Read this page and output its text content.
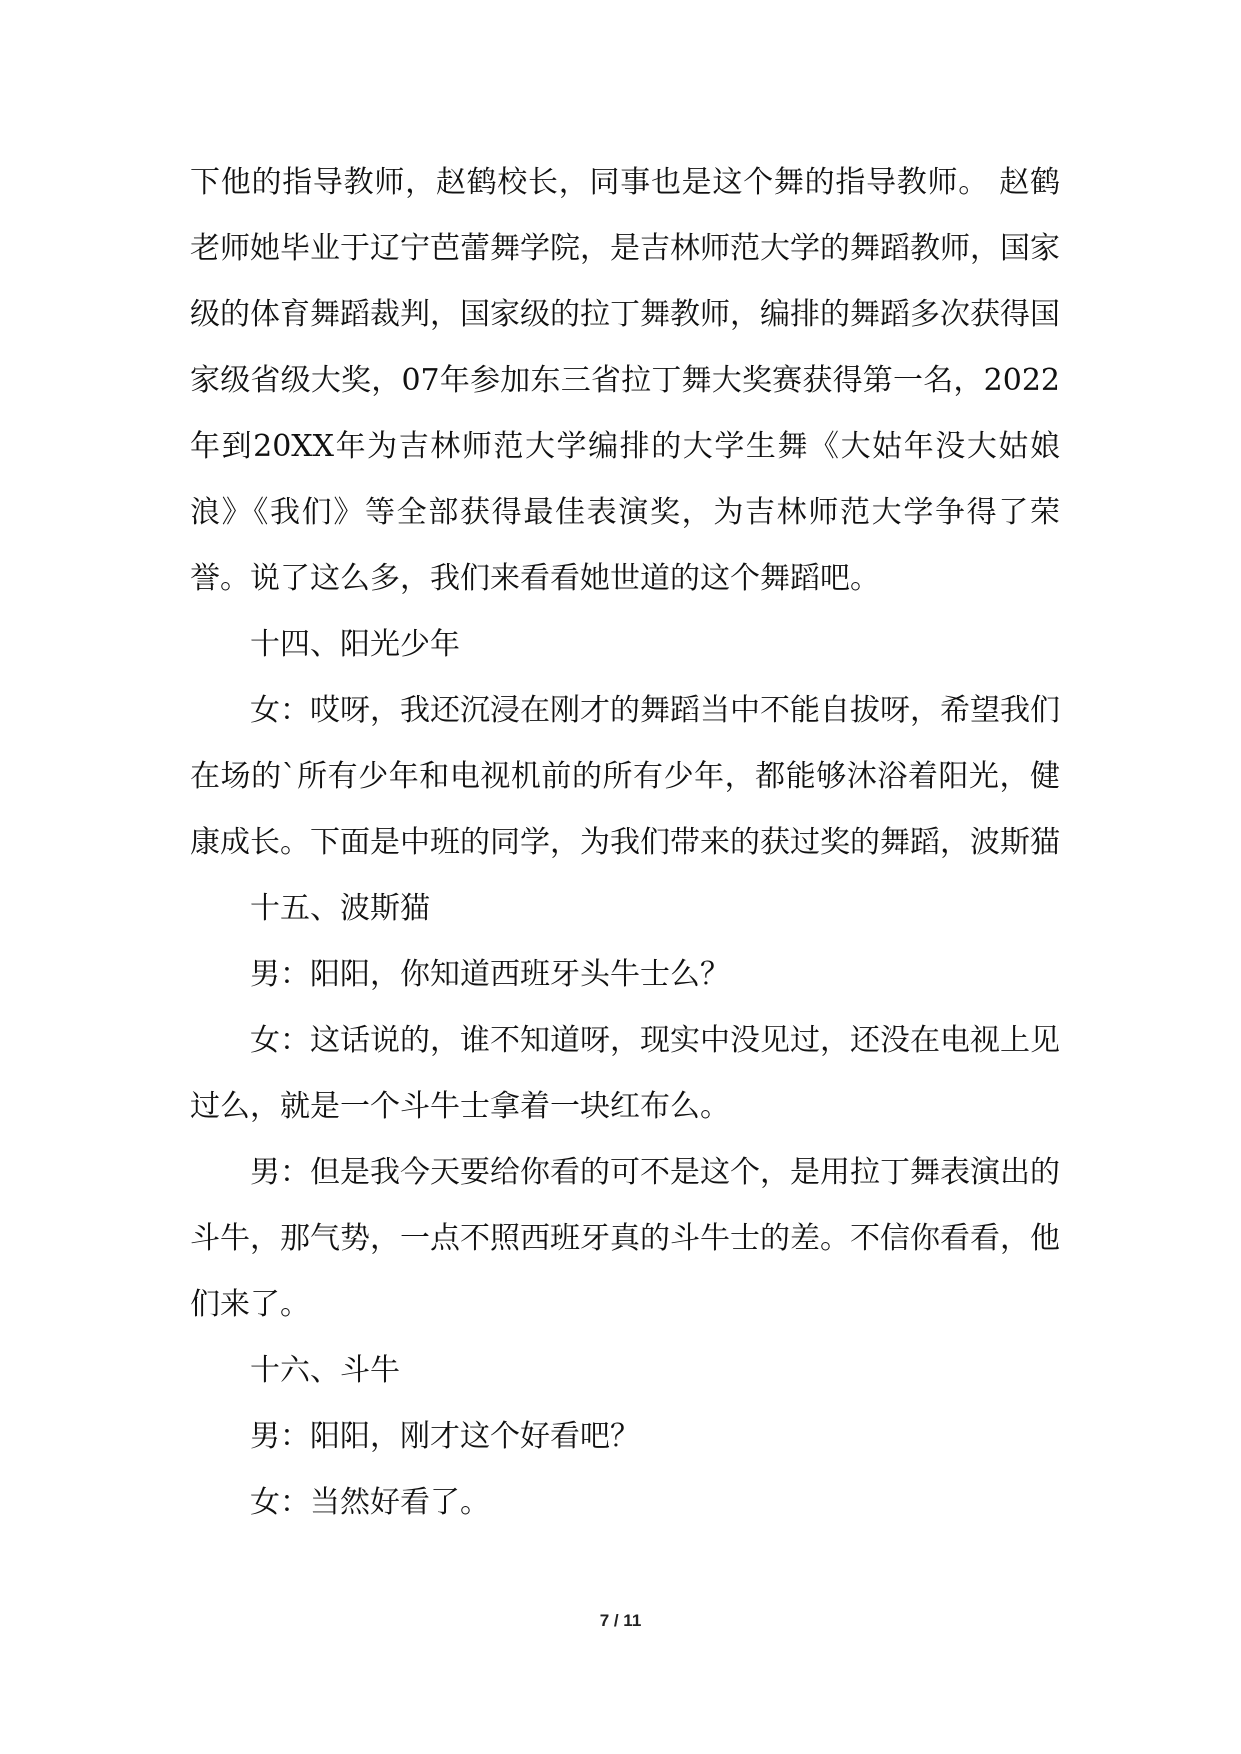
下他的指导教师，赵鹤校长，同事也是这个舞的指导教师。 赵鹤老师她毕业于辽宁芭蕾舞学院，是吉林师范大学的舞蹈教师，国家级的体育舞蹈裁判，国家级的拉丁舞教师，编排的舞蹈多次获得国家级省级大奖，07年参加东三省拉丁舞大奖赛获得第一名，2022年到20XX年为吉林师范大学编排的大学生舞《大姑年没大姑娘浪》《我们》等全部获得最佳表演奖，为吉林师范大学争得了荣誉。说了这么多，我们来看看她世道的这个舞蹈吧。

十四、阳光少年

女：哎呀，我还沉浸在刚才的舞蹈当中不能自拔呀，希望我们在场的`所有少年和电视机前的所有少年，都能够沐浴着阳光，健康成长。下面是中班的同学，为我们带来的获过奖的舞蹈，波斯猫

十五、波斯猫

男：阳阳，你知道西班牙头牛士么？

女：这话说的，谁不知道呀，现实中没见过，还没在电视上见过么，就是一个斗牛士拿着一块红布么。

男：但是我今天要给你看的可不是这个，是用拉丁舞表演出的斗牛，那气势，一点不照西班牙真的斗牛士的差。不信你看看，他们来了。

十六、斗牛

男：阳阳，刚才这个好看吧？

女：当然好看了。

7 / 11
